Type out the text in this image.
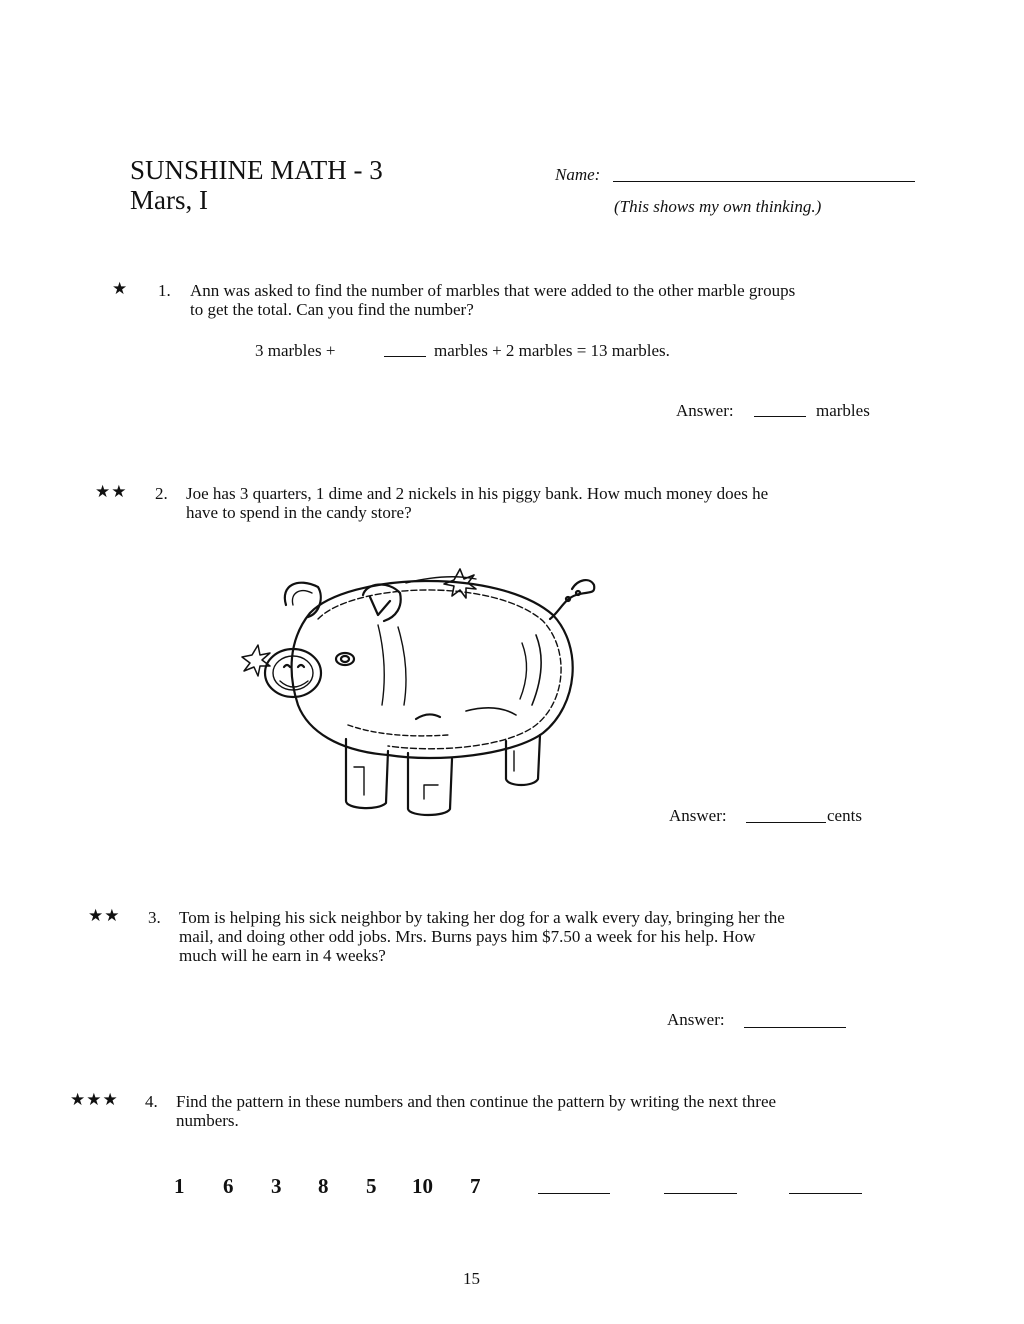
SUNSHINE MATH - 3
Mars, I
Name:
(This shows my own thinking.)
★ 1. Ann was asked to find the number of marbles that were added to the other marble groups
to get the total. Can you find the number?
3 marbles +	marbles + 2 marbles = 13 marbles.
Answer:	marbles
★★ 2. Joe has 3 quarters, 1 dime and 2 nickels in his piggy bank. How much money does he
have to spend in the candy store?
Answer:	cents
★★ 3. Tom is helping his sick neighbor by taking her dog for a walk every day, bringing her the
mail, and doing other odd jobs. Mrs. Burns pays him $7.50 a week for his help. How
much will he earn in 4 weeks?
Answer:
★★★ 4. Find the pattern in these numbers and then continue the pattern by writing the next three
numbers.
1 6 3 8 5 10 7
15
